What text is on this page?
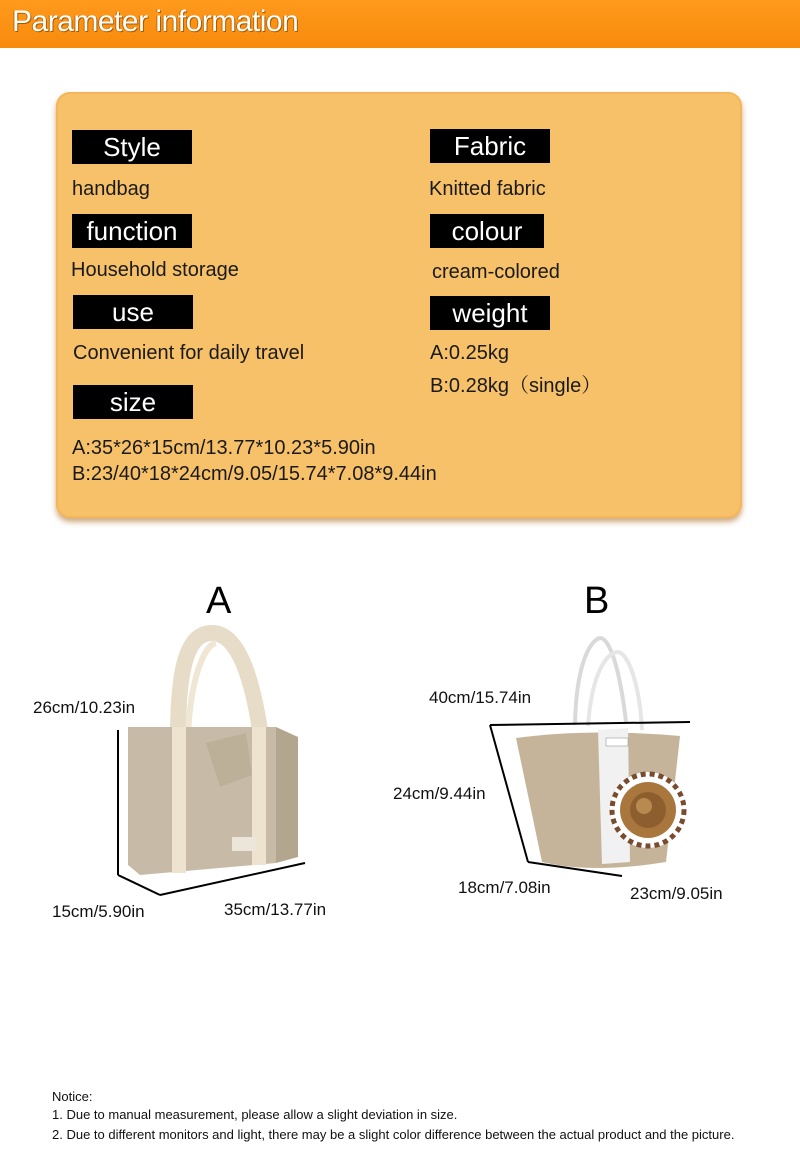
Parameter information
Style
handbag
Fabric
Knitted fabric
function
Household storage
colour
cream-colored
use
Convenient for daily travel
weight
A:0.25kg
B:0.28kg（single）
size
A:35*26*15cm/13.77*10.23*5.90in
B:23/40*18*24cm/9.05/15.74*7.08*9.44in
A
26cm/10.23in
15cm/5.90in	35cm/13.77in
B
40cm/15.74in
24cm/9.44in
18cm/7.08in	23cm/9.05in
Notice:
1. Due to manual measurement, please allow a slight deviation in size.
2. Due to different monitors and light, there may be a slight color difference between the actual product and the picture.
